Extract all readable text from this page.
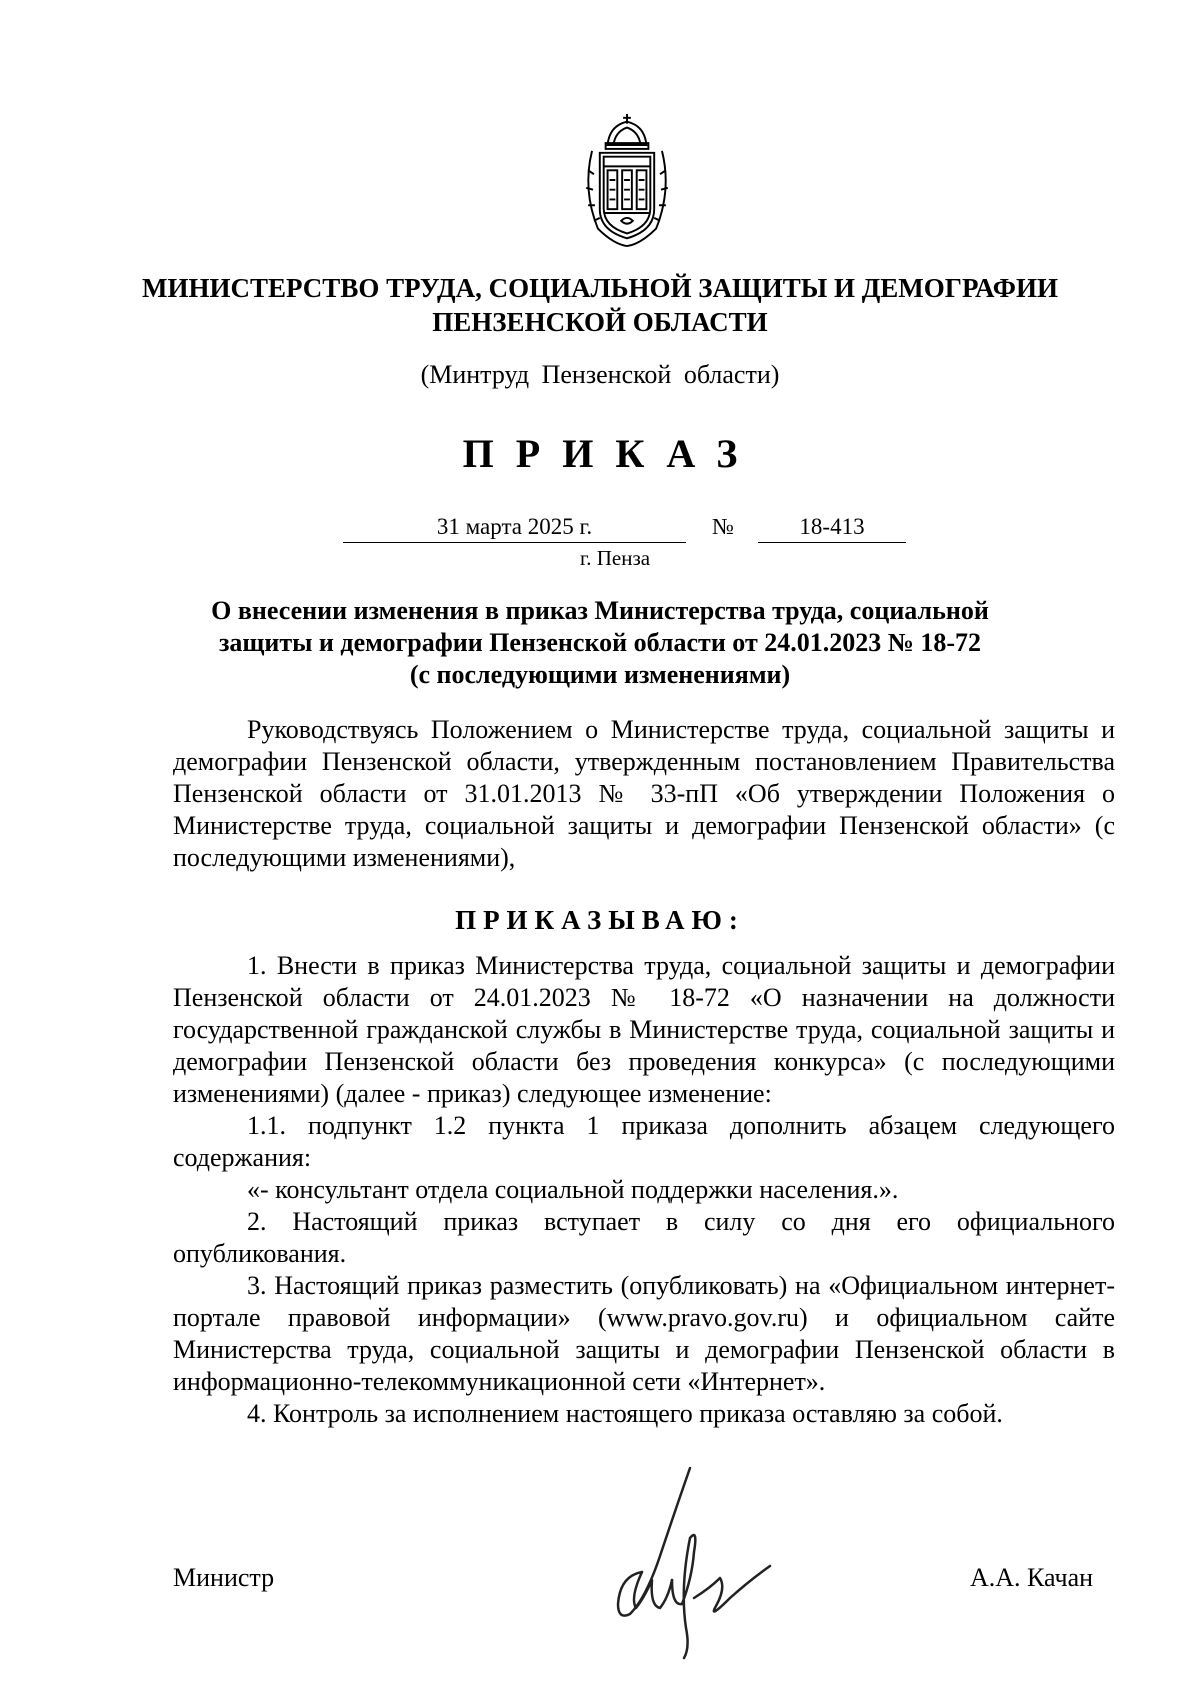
МИНИСТЕРСТВО ТРУДА, СОЦИАЛЬНОЙ ЗАЩИТЫ И ДЕМОГРАФИИ
ПЕНЗЕНСКОЙ ОБЛАСТИ
(Минтруд Пензенской области)
ПРИКАЗ
31 марта 2025 г.	№	18-413
г. Пенза
О внесении изменения в приказ Министерства труда, социальной
защиты и демографии Пензенской области от 24.01.2023 № 18-72
(с последующими изменениями)
Руководствуясь Положением о Министерстве труда, социальной защиты и демографии Пензенской области, утвержденным постановлением Правительства Пензенской области от 31.01.2013 № 33-пП «Об утверждении Положения о Министерстве труда, социальной защиты и демографии Пензенской области» (с последующими изменениями),
ПРИКАЗЫВАЮ:
1. Внести в приказ Министерства труда, социальной защиты и демографии Пензенской области от 24.01.2023 № 18-72 «О назначении на должности государственной гражданской службы в Министерстве труда, социальной защиты и демографии Пензенской области без проведения конкурса» (с последующими изменениями) (далее - приказ) следующее изменение:
1.1. подпункт 1.2 пункта 1 приказа дополнить абзацем следующего содержания:
«- консультант отдела социальной поддержки населения.».
2. Настоящий приказ вступает в силу со дня его официального опубликования.
3. Настоящий приказ разместить (опубликовать) на «Официальном интернет-портале правовой информации» (www.pravo.gov.ru) и официальном сайте Министерства труда, социальной защиты и демографии Пензенской области в информационно-телекоммуникационной сети «Интернет».
4. Контроль за исполнением настоящего приказа оставляю за собой.
Министр	А.А. Качан
